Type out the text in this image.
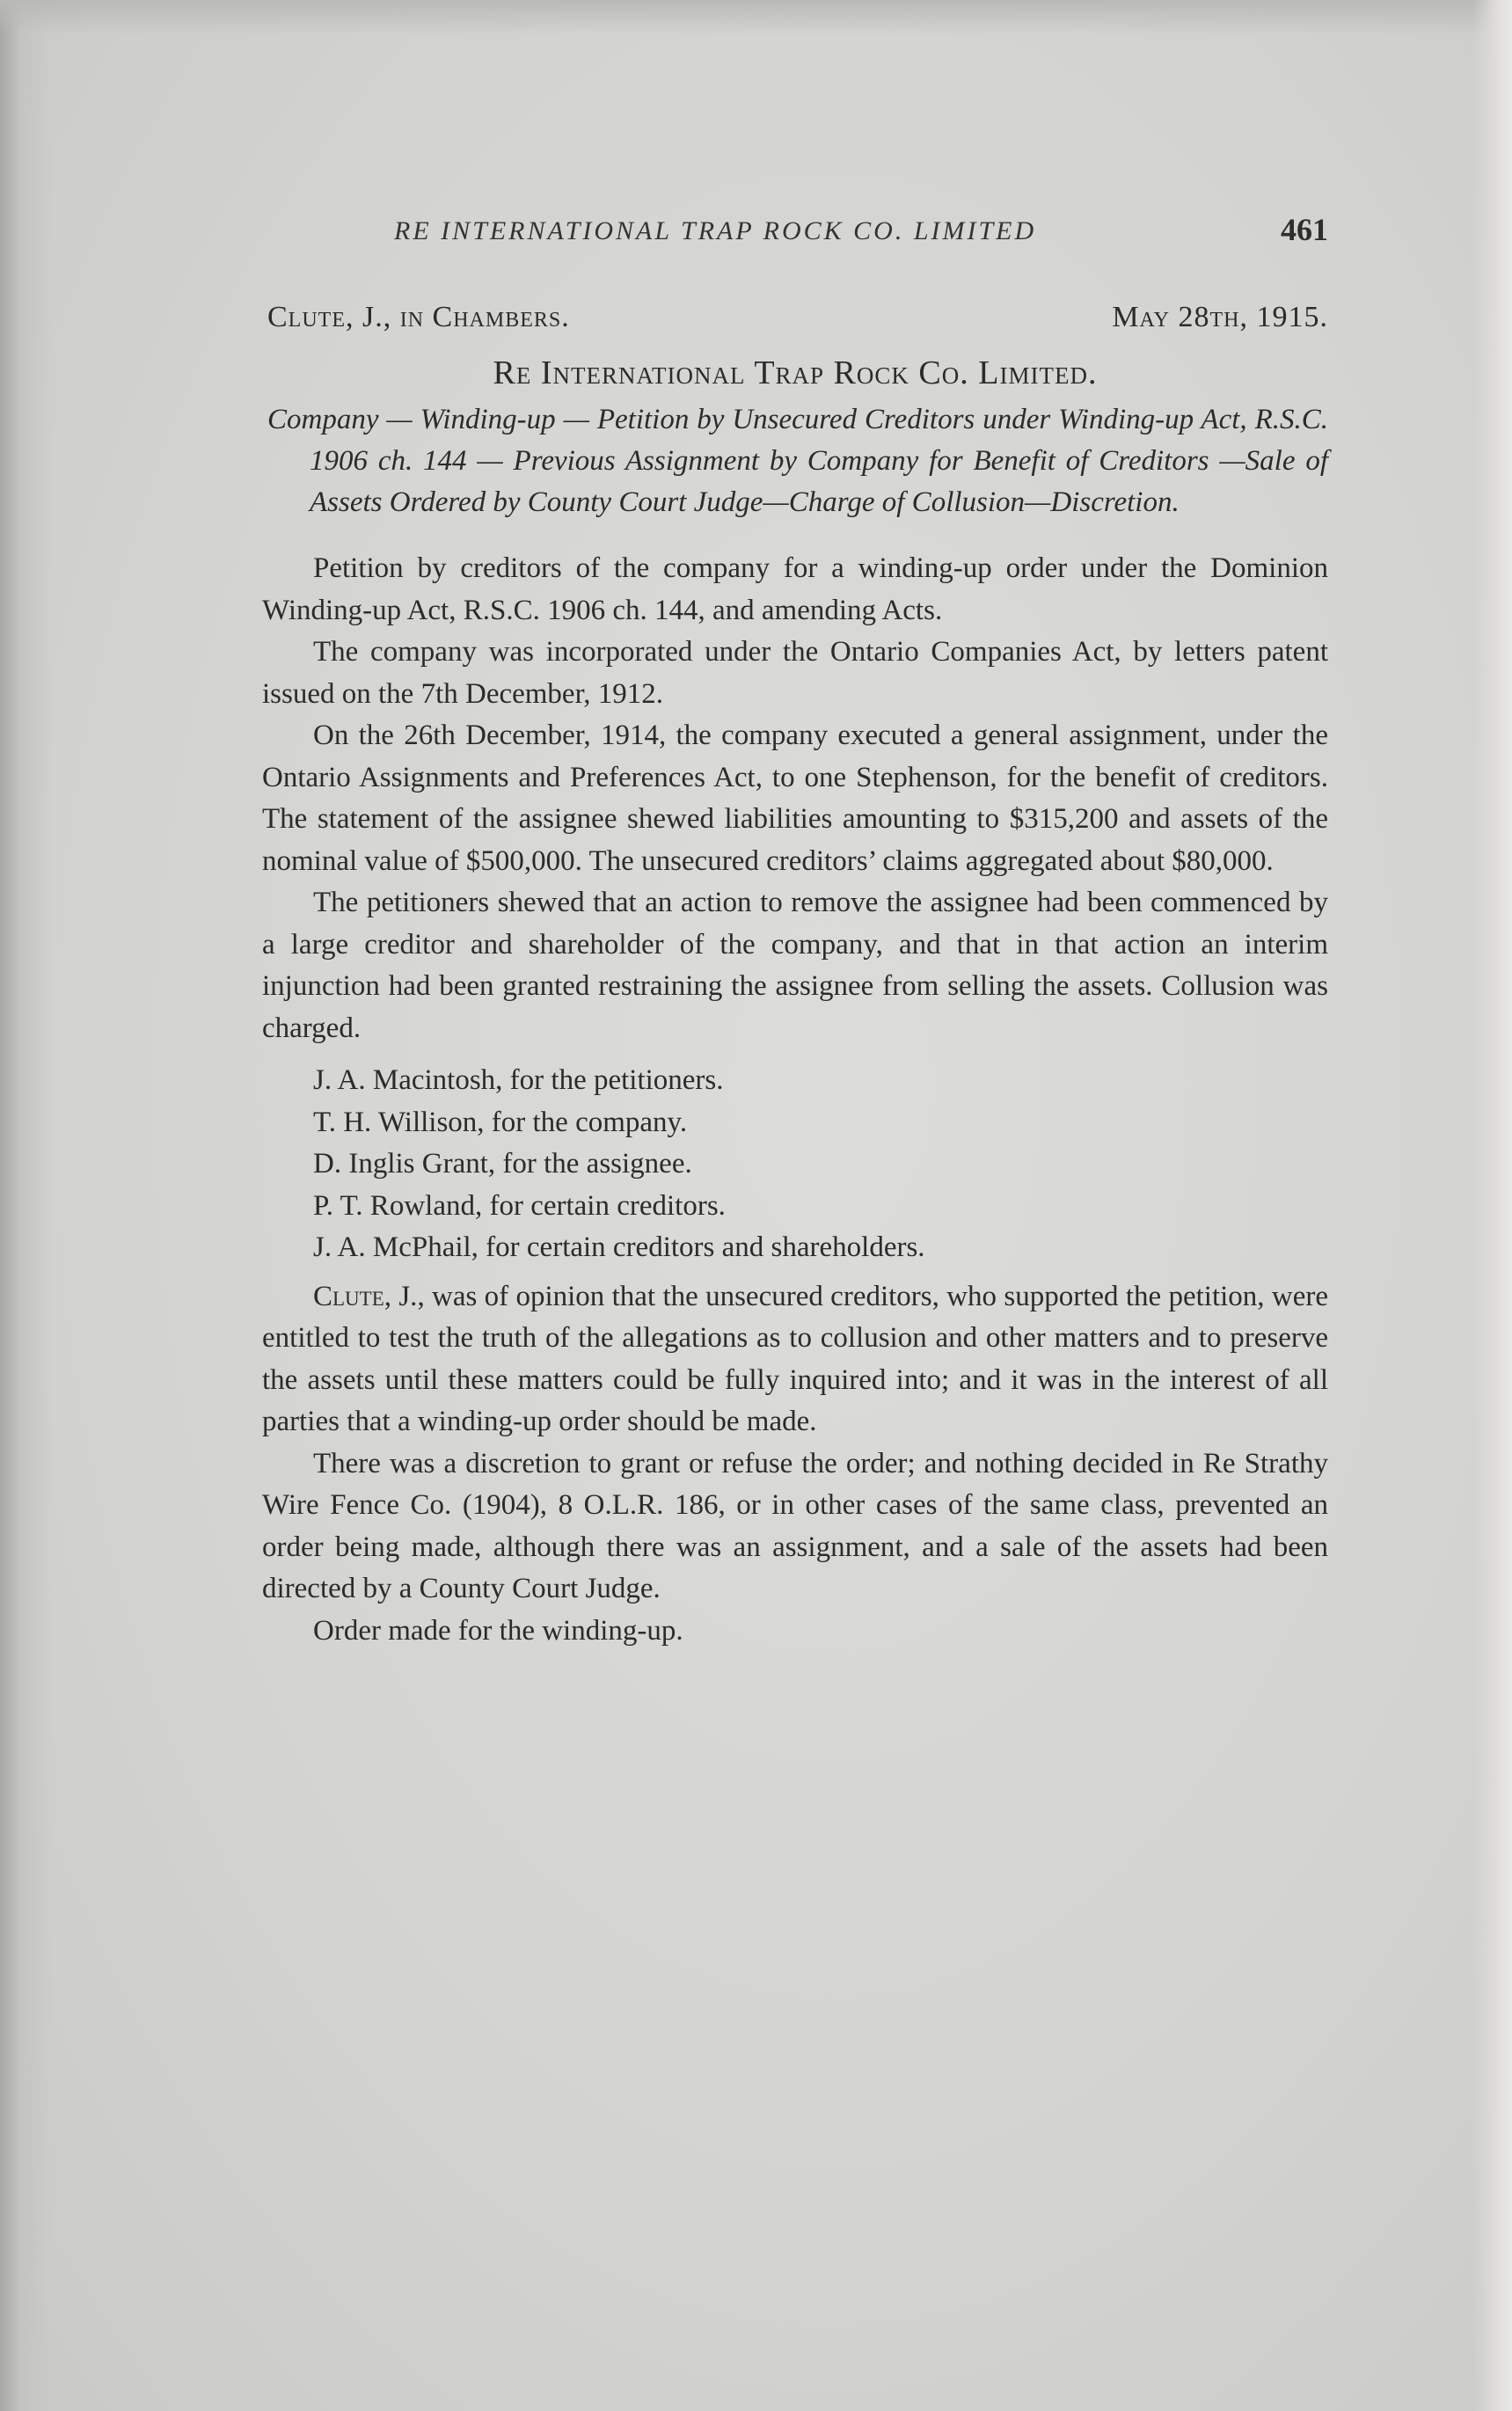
RE INTERNATIONAL TRAP ROCK CO. LIMITED	461
Clute, J., in Chambers.	May 28th, 1915.
Re International Trap Rock Co. Limited.
Company — Winding-up — Petition by Unsecured Creditors under Winding-up Act, R.S.C. 1906 ch. 144 — Previous Assignment by Company for Benefit of Creditors —Sale of Assets Ordered by County Court Judge—Charge of Collusion—Discretion.

Petition by creditors of the company for a winding-up order under the Dominion Winding-up Act, R.S.C. 1906 ch. 144, and amending Acts.

The company was incorporated under the Ontario Companies Act, by letters patent issued on the 7th December, 1912.

On the 26th December, 1914, the company executed a general assignment, under the Ontario Assignments and Preferences Act, to one Stephenson, for the benefit of creditors. The statement of the assignee shewed liabilities amounting to $315,200 and assets of the nominal value of $500,000. The unsecured creditors’ claims aggregated about $80,000.

The petitioners shewed that an action to remove the assignee had been commenced by a large creditor and shareholder of the company, and that in that action an interim injunction had been granted restraining the assignee from selling the assets. Collusion was charged.

J. A. Macintosh, for the petitioners.
T. H. Willison, for the company.
D. Inglis Grant, for the assignee.
P. T. Rowland, for certain creditors.
J. A. McPhail, for certain creditors and shareholders.

Clute, J., was of opinion that the unsecured creditors, who supported the petition, were entitled to test the truth of the allegations as to collusion and other matters and to preserve the assets until these matters could be fully inquired into; and it was in the interest of all parties that a winding-up order should be made.

There was a discretion to grant or refuse the order; and nothing decided in Re Strathy Wire Fence Co. (1904), 8 O.L.R. 186, or in other cases of the same class, prevented an order being made, although there was an assignment, and a sale of the assets had been directed by a County Court Judge.

Order made for the winding-up.
